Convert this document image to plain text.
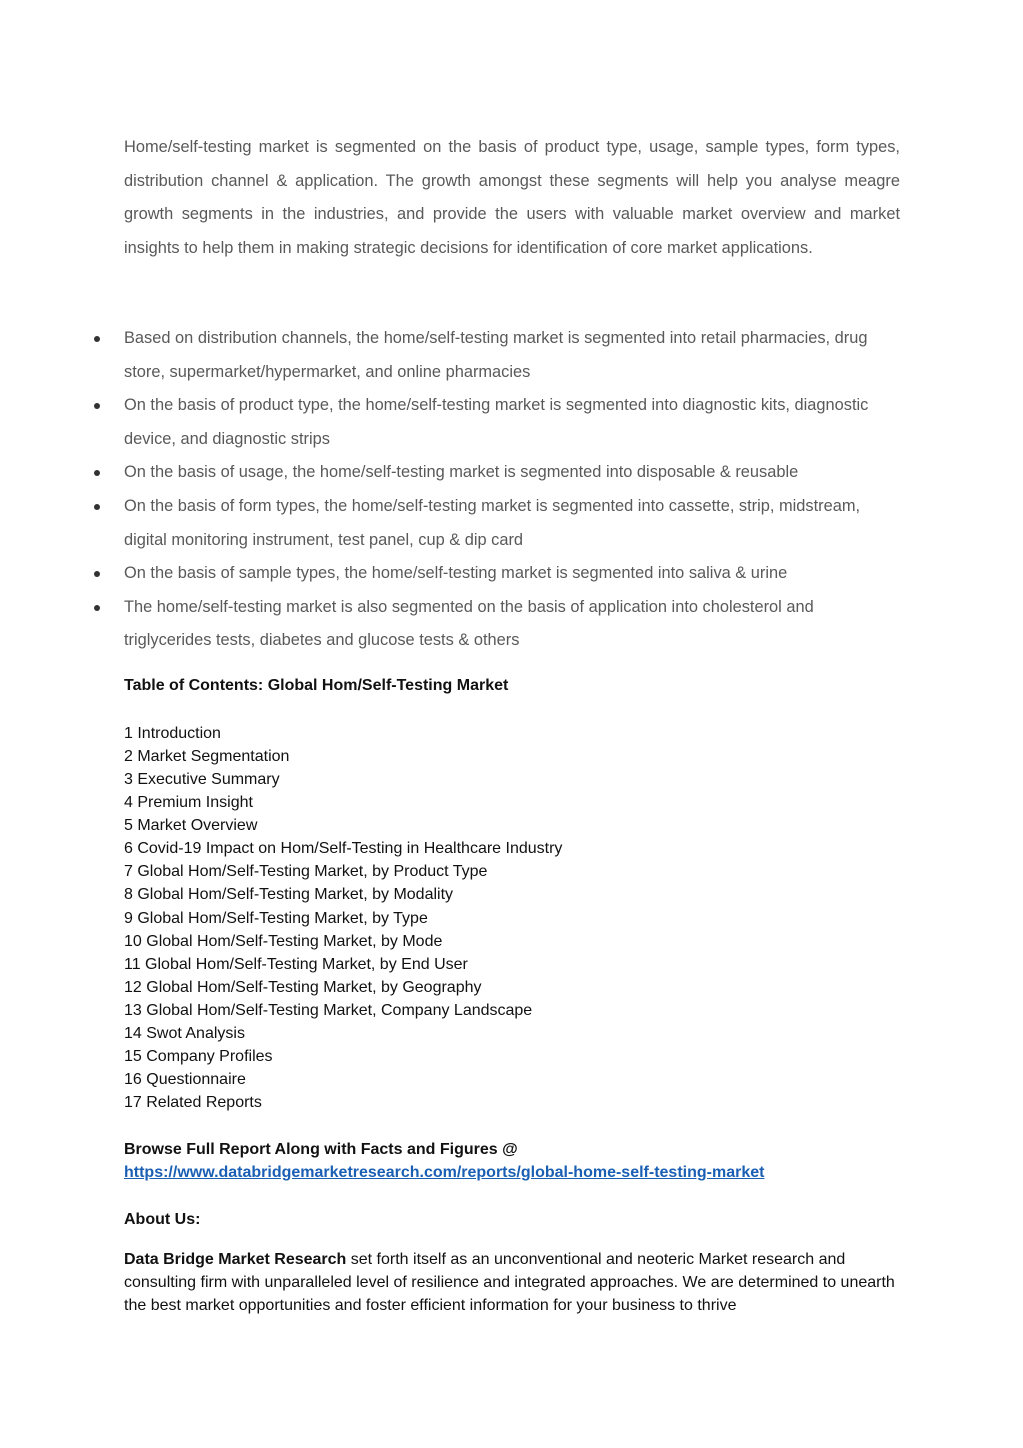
Home/self-testing market is segmented on the basis of product type, usage, sample types, form types, distribution channel & application. The growth amongst these segments will help you analyse meagre growth segments in the industries, and provide the users with valuable market overview and market insights to help them in making strategic decisions for identification of core market applications.

Based on distribution channels, the home/self-testing market is segmented into retail pharmacies, drug store, supermarket/hypermarket, and online pharmacies
On the basis of product type, the home/self-testing market is segmented into diagnostic kits, diagnostic device, and diagnostic strips
On the basis of usage, the home/self-testing market is segmented into disposable & reusable
On the basis of form types, the home/self-testing market is segmented into cassette, strip, midstream, digital monitoring instrument, test panel, cup & dip card
On the basis of sample types, the home/self-testing market is segmented into saliva & urine
The home/self-testing market is also segmented on the basis of application into cholesterol and triglycerides tests, diabetes and glucose tests & others
Table of Contents: Global Hom/Self-Testing Market
1 Introduction
2 Market Segmentation
3 Executive Summary
4 Premium Insight
5 Market Overview
6 Covid-19 Impact on Hom/Self-Testing in Healthcare Industry
7 Global Hom/Self-Testing Market, by Product Type
8 Global Hom/Self-Testing Market, by Modality
9 Global Hom/Self-Testing Market, by Type
10 Global Hom/Self-Testing Market, by Mode
11 Global Hom/Self-Testing Market, by End User
12 Global Hom/Self-Testing Market, by Geography
13 Global Hom/Self-Testing Market, Company Landscape
14 Swot Analysis
15 Company Profiles
16 Questionnaire
17 Related Reports

Browse Full Report Along with Facts and Figures @

https://www.databridgemarketresearch.com/reports/global-home-self-testing-market

About Us:

Data Bridge Market Research set forth itself as an unconventional and neoteric Market research and consulting firm with unparalleled level of resilience and integrated approaches. We are determined to unearth the best market opportunities and foster efficient information for your business to thrive
